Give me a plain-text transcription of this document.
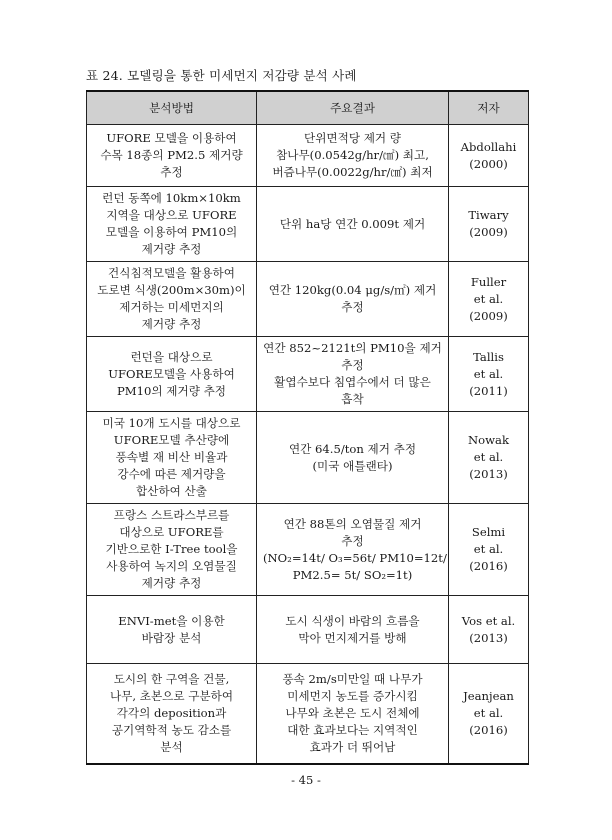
표 24. 모델링을 통한 미세먼지 저감량 분석 사례
분석방법	주요결과	저자

UFORE 모델을 이용하여
수목 18종의 PM2.5 제거량
추정	단위면적당 제거 량
참나무(0.0542g/hr/㎠) 최고,
버즘나무(0.0022g/hr/㎠) 최저	Abdollahi
(2000)

런던 동쪽에 10km×10km
지역을 대상으로 UFORE
모델을 이용하여 PM10의
제거량 추정	단위 ha당 연간 0.009t 제거	Tiwary
(2009)

건식침적모델을 활용하여
도로변 식생(200m×30m)이
제거하는 미세먼지의
제거량 추정	연간 120kg(0.04 μg/s/㎡) 제거
추정	Fuller
et al.
(2009)

런던을 대상으로
UFORE모델을 사용하여
PM10의 제거량 추정	연간 852~2121t의 PM10을 제거
추정
활엽수보다 침엽수에서 더 많은
흡착	Tallis
et al.
(2011)

미국 10개 도시를 대상으로
UFORE모델 추산량에
풍속별 재 비산 비율과
강수에 따른 제거량을
합산하여 산출	연간 64.5/ton 제거 추정
(미국 애틀랜타)	Nowak
et al.
(2013)

프랑스 스트라스부르를
대상으로 UFORE를
기반으로한 I-Tree tool을
사용하여 녹지의 오염물질
제거량 추정	연간 88톤의 오염물질 제거
추정
(NO₂=14t/ O₃=56t/ PM10=12t/
PM2.5= 5t/ SO₂=1t)	Selmi
et al.
(2016)

ENVI-met을 이용한
바람장 분석	도시 식생이 바람의 흐름을
막아 먼지제거를 방해	Vos et al.
(2013)

도시의 한 구역을 건물,
나무, 초본으로 구분하여
각각의 deposition과
공기역학적 농도 감소를
분석	풍속 2m/s미만일 때 나무가
미세먼지 농도를 증가시킴
나무와 초본은 도시 전체에
대한 효과보다는 지역적인
효과가 더 뛰어남	Jeanjean
et al.
(2016)
- 45 -
